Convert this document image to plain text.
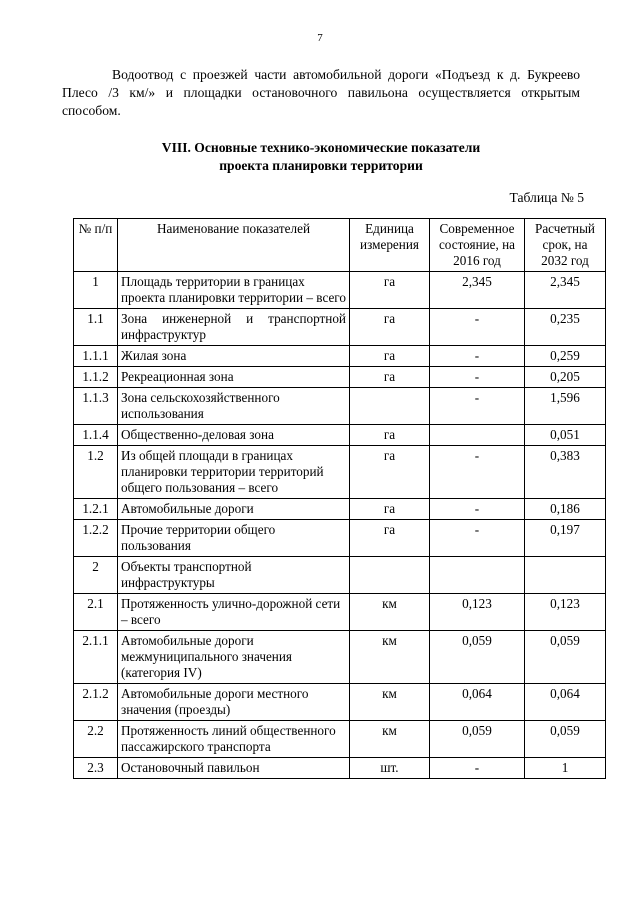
7

Водоотвод с проезжей части автомобильной дороги «Подъезд к д. Букреево Плесо /3 км/» и площадки остановочного павильона осуществляется открытым способом.

VIII. Основные технико-экономические показатели
проекта планировки территории
Таблица № 5
№ п/п	Наименование показателей	Единица измерения	Современное состояние, на 2016 год	Расчетный срок, на 2032 год
1	Площадь территории в границах проекта планировки территории – всего	га	2,345	2,345
1.1	Зона инженерной и транспортной инфраструктур	га	-	0,235
1.1.1	Жилая зона	га	-	0,259
1.1.2	Рекреационная зона	га	-	0,205
1.1.3	Зона сельскохозяйственного использования		-	1,596
1.1.4	Общественно-деловая зона	га		0,051
1.2	Из общей площади в границах планировки территории территорий общего пользования – всего	га	-	0,383
1.2.1	Автомобильные дороги	га	-	0,186
1.2.2	Прочие территории общего пользования	га	-	0,197
2	Объекты транспортной инфраструктуры			
2.1	Протяженность улично-дорожной сети – всего	км	0,123	0,123
2.1.1	Автомобильные дороги межмуниципального значения (категория IV)	км	0,059	0,059
2.1.2	Автомобильные дороги местного значения (проезды)	км	0,064	0,064
2.2	Протяженность линий общественного пассажирского транспорта	км	0,059	0,059
2.3	Остановочный павильон	шт.	-	1
